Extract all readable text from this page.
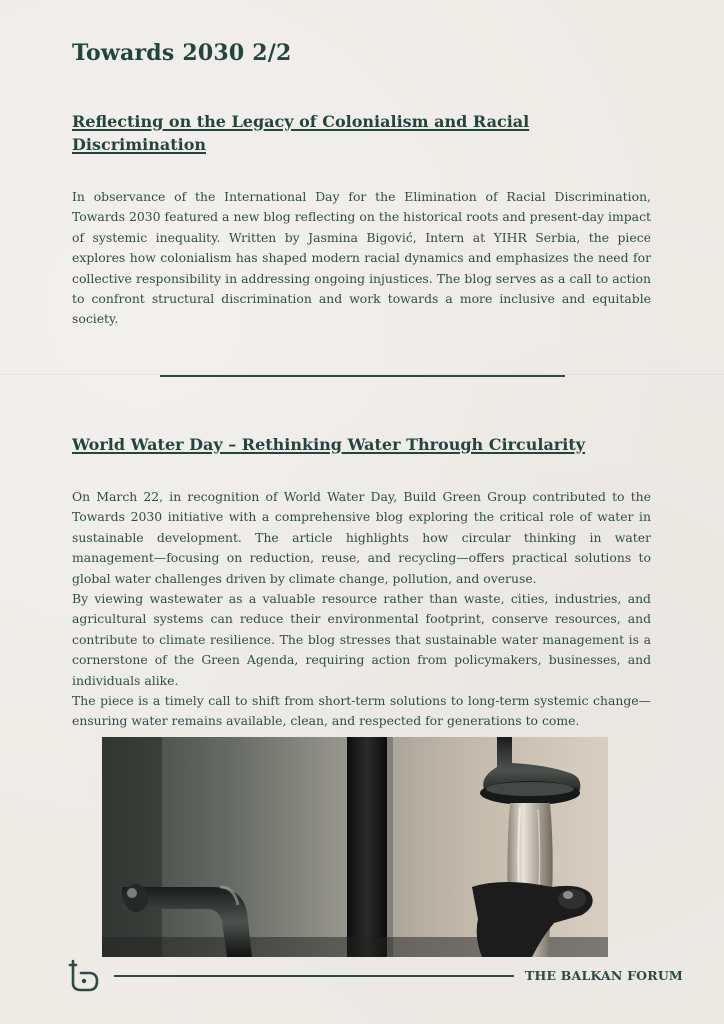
Towards 2030 2/2
Reflecting on the Legacy of Colonialism and Racial Discrimination

In observance of the International Day for the Elimination of Racial Discrimination, Towards 2030 featured a new blog reflecting on the historical roots and present-day impact of systemic inequality. Written by Jasmina Bigović, Intern at YIHR Serbia, the piece explores how colonialism has shaped modern racial dynamics and emphasizes the need for collective responsibility in addressing ongoing injustices. The blog serves as a call to action to confront structural discrimination and work towards a more inclusive and equitable society.

World Water Day – Rethinking Water Through Circularity
On March 22, in recognition of World Water Day, Build Green Group contributed to the Towards 2030 initiative with a comprehensive blog exploring the critical role of water in sustainable development. The article highlights how circular thinking in water management—focusing on reduction, reuse, and recycling—offers practical solutions to global water challenges driven by climate change, pollution, and overuse.
By viewing wastewater as a valuable resource rather than waste, cities, industries, and agricultural systems can reduce their environmental footprint, conserve resources, and contribute to climate resilience. The blog stresses that sustainable water management is a cornerstone of the Green Agenda, requiring action from policymakers, businesses, and individuals alike.
The piece is a timely call to shift from short-term solutions to long-term systemic change—ensuring water remains available, clean, and respected for generations to come.
THE BALKAN FORUM
